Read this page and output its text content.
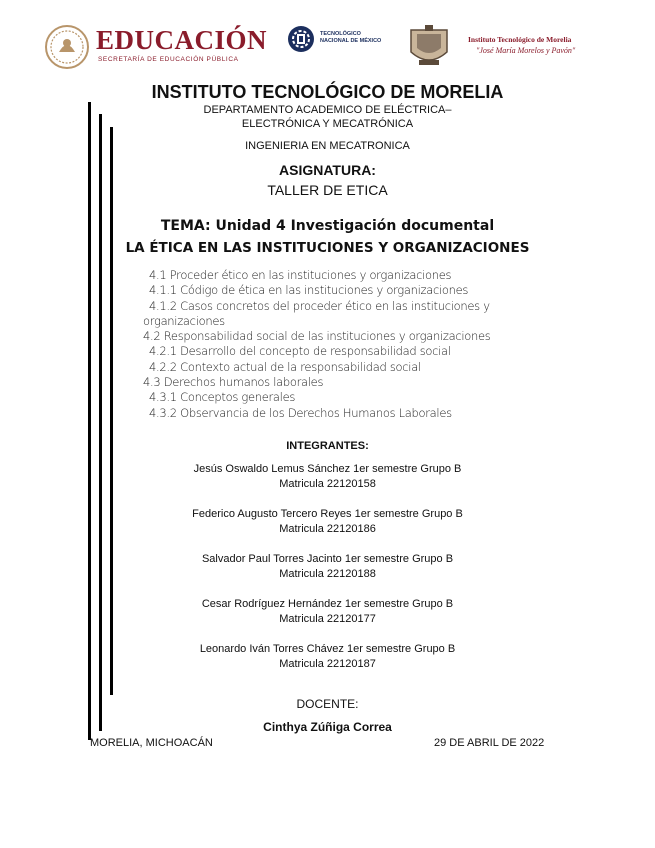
EDUCACIÓN
SECRETARÍA DE EDUCACIÓN PÚBLICA
TECNOLÓGICO
NACIONAL DE MÉXICO	Instituto Tecnológico de Morelia
"José María Morelos y Pavón"
INSTITUTO TECNOLÓGICO DE MORELIA
DEPARTAMENTO ACADEMICO DE ELÉCTRICA–
ELECTRÓNICA Y MECATRÓNICA
INGENIERIA EN MECATRONICA
ASIGNATURA:
TALLER DE ETICA
TEMA: Unidad 4 Investigación documental
LA ÉTICA EN LAS INSTITUCIONES Y ORGANIZACIONES
4.1 Proceder ético en las instituciones y organizaciones
4.1.1 Código de ética en las instituciones y organizaciones
4.1.2 Casos concretos del proceder ético en las instituciones y
organizaciones
4.2 Responsabilidad social de las instituciones y organizaciones
4.2.1 Desarrollo del concepto de responsabilidad social
4.2.2 Contexto actual de la responsabilidad social
4.3 Derechos humanos laborales
4.3.1 Conceptos generales
4.3.2 Observancia de los Derechos Humanos Laborales
INTEGRANTES:
Jesús Oswaldo Lemus Sánchez 1er semestre Grupo B
Matricula 22120158
Federico Augusto Tercero Reyes 1er semestre Grupo B
Matricula 22120186
Salvador Paul Torres Jacinto 1er semestre Grupo B
Matricula 22120188
Cesar Rodríguez Hernández 1er semestre Grupo B
Matricula 22120177
Leonardo Iván Torres Chávez 1er semestre Grupo B
Matricula 22120187
DOCENTE:
Cinthya Zúñiga Correa
MORELIA, MICHOACÁN	29 DE ABRIL DE 2022
